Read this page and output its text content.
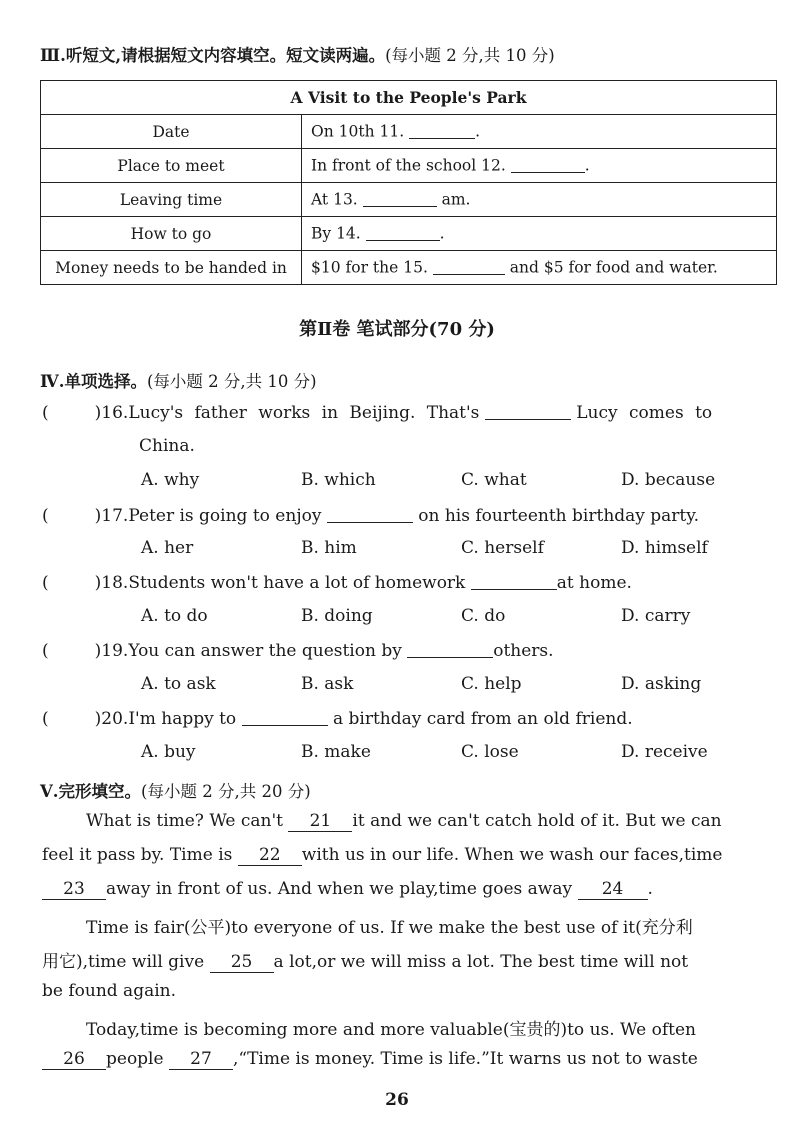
Ⅲ.听短文,请根据短文内容填空。短文读两遍。(每小题 2 分,共 10 分)
A Visit to the People's Park	
Date	On 10th 11. .
Place to meet	In front of the school 12. .
Leaving time	At 13. am.
How to go	By 14. .
Money needs to be handed in	$10 for the 15. and $5 for food and water.
第Ⅱ卷 笔试部分(70 分)
Ⅳ.单项选择。(每小题 2 分,共 10 分)
(	)16.Lucy's father works in Beijing. That's	Lucy comes to
China.
A. why	B. which	C. what	D. because
(	)17.Peter is going to enjoy	on his fourteenth birthday party.
A. her	B. him	C. herself	D. himself
(	)18.Students won't have a lot of homework	at home.
A. to do	B. doing	C. do	D. carry
(	)19.You can answer the question by	others.
A. to ask	B. ask	C. help	D. asking
(	)20.I'm happy to	a birthday card from an old friend.
A. buy	B. make	C. lose	D. receive
Ⅴ.完形填空。(每小题 2 分,共 20 分)
What is time? We can't 21 it and we can't catch hold of it. But we can
feel it pass by. Time is 22 with us in our life. When we wash our faces,time
23 away in front of us. And when we play,time goes away 24 .
Time is fair(公平)to everyone of us. If we make the best use of it(充分利
用它),time will give 25 a lot,or we will miss a lot. The best time will not
be found again.
Today,time is becoming more and more valuable(宝贵的)to us. We often
26 people 27 ,“Time is money. Time is life.”It warns us not to waste
26
